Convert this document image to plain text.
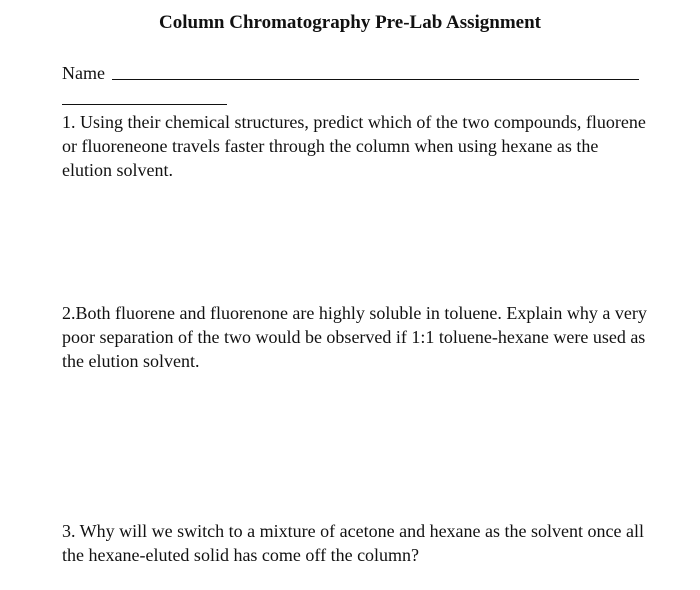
Column Chromatography Pre-Lab Assignment
Name

1. Using their chemical structures, predict which of the two compounds, fluorene or fluoreneone travels faster through the column when using hexane as the elution solvent.

2.Both fluorene and fluorenone are highly soluble in toluene. Explain why a very poor separation of the two would be observed if 1:1 toluene-hexane were used as the elution solvent.

3. Why will we switch to a mixture of acetone and hexane as the solvent once all the hexane-eluted solid has come off the column?
